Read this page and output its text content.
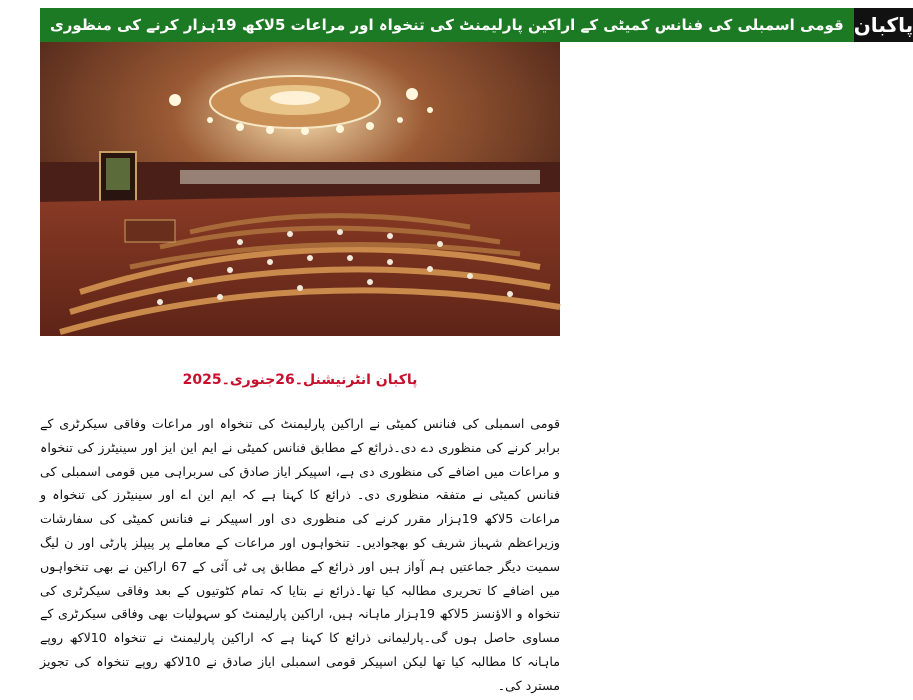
قومی اسمبلی کی فنانس کمیٹی کے اراکین پارلیمنٹ کی تنخواہ اور مراعات 5لاکھ 19ہزار کرنے کی منظوری پاکبان
پاکبان انٹرنیشنل۔26جنوری۔2025
قومی اسمبلی کی فنانس کمیٹی نے اراکین پارلیمنٹ کی تنخواہ اور مراعات وفاقی سیکرٹری کے برابر کرنے کی منظوری دے دی۔ذرائع کے مطابق فنانس کمیٹی نے ایم این ایز اور سینیٹرز کی تنخواہ و مراعات میں اضافے کی منظوری دی ہے، اسپیکر ایاز صادق کی سربراہی میں قومی اسمبلی کی فنانس کمیٹی نے متفقہ منظوری دی۔ ذرائع کا کہنا ہے کہ ایم این اے اور سینیٹرز کی تنخواہ و مراعات 5لاکھ 19ہزار مقرر کرنے کی منظوری دی اور اسپیکر نے فنانس کمیٹی کی سفارشات وزیراعظم شہباز شریف کو بھجوادیں۔ تنخواہوں اور مراعات کے معاملے پر پیپلز پارٹی اور ن لیگ سمیت دیگر جماعتیں ہم آواز ہیں اور ذرائع کے مطابق پی ٹی آئی کے 67 اراکین نے بھی تنخواہوں میں اضافے کا تحریری مطالبہ کیا تھا۔ذرائع نے بتایا کہ تمام کٹوتیوں کے بعد وفاقی سیکرٹری کی تنخواہ و الاؤنسز 5لاکھ 19ہزار ماہانہ ہیں، اراکین پارلیمنٹ کو سہولیات بھی وفاقی سیکرٹری کے مساوی حاصل ہوں گی۔پارلیمانی ذرائع کا کہنا ہے کہ اراکین پارلیمنٹ نے تنخواہ 10لاکھ روپے ماہانہ کا مطالبہ کیا تھا لیکن اسپیکر قومی اسمبلی ایاز صادق نے 10لاکھ روپے تنخواہ کی تجویز مسترد کی۔
